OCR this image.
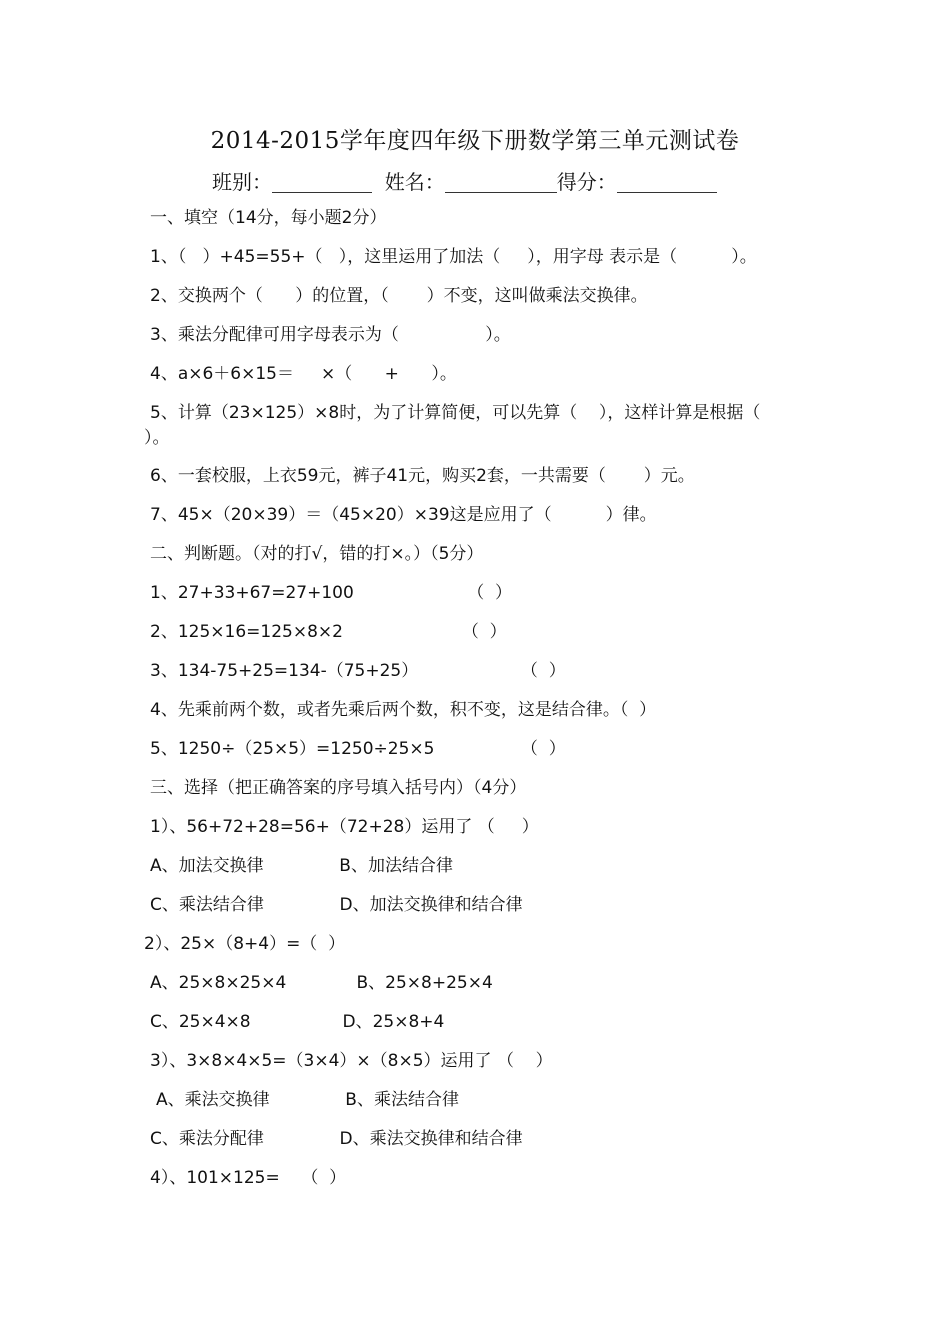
2014-2015学年度四年级下册数学第三单元测试卷
班别：	姓名：	得分：
一、填空（14分，每小题2分）
1、（   ）+45=55+（   ），这里运用了加法（     ），用字母 表示是（          ）。
2、交换两个（      ）的位置，（       ）不变，这叫做乘法交换律。
3、乘法分配律可用字母表示为（                ）。
4、a×6＋6×15＝     ×（      +      ）。
5、计算（23×125）×8时，为了计算简便，可以先算（    ），这样计算是根据（
）。
6、一套校服，上衣59元，裤子41元，购买2套，一共需要（       ）元。
7、45×（20×39）＝（45×20）×39这是应用了（          ）律。
二、判断题。（对的打√，错的打×。）（5分）
1、27+33+67=27+100                     （  ）
2、125×16=125×8×2                      （  ）
3、134-75+25=134-（75+25）                   （  ）
4、先乘前两个数，或者先乘后两个数，积不变，这是结合律。（  ）
5、1250÷（25×5）=1250÷25×5                （  ）
三、选择（把正确答案的序号填入括号内）（4分）
1）、56+72+28=56+（72+28）运用了 （     ）
A、加法交换律              B、加法结合律
C、乘法结合律              D、加法交换律和结合律
2）、25×（8+4）=（  ）
A、25×8×25×4             B、25×8+25×4
C、25×4×8                 D、25×8+4
3）、3×8×4×5=（3×4）×（8×5）运用了 （    ）
A、乘法交换律              B、乘法结合律
C、乘法分配律              D、乘法交换律和结合律
4）、101×125=    （  ）
